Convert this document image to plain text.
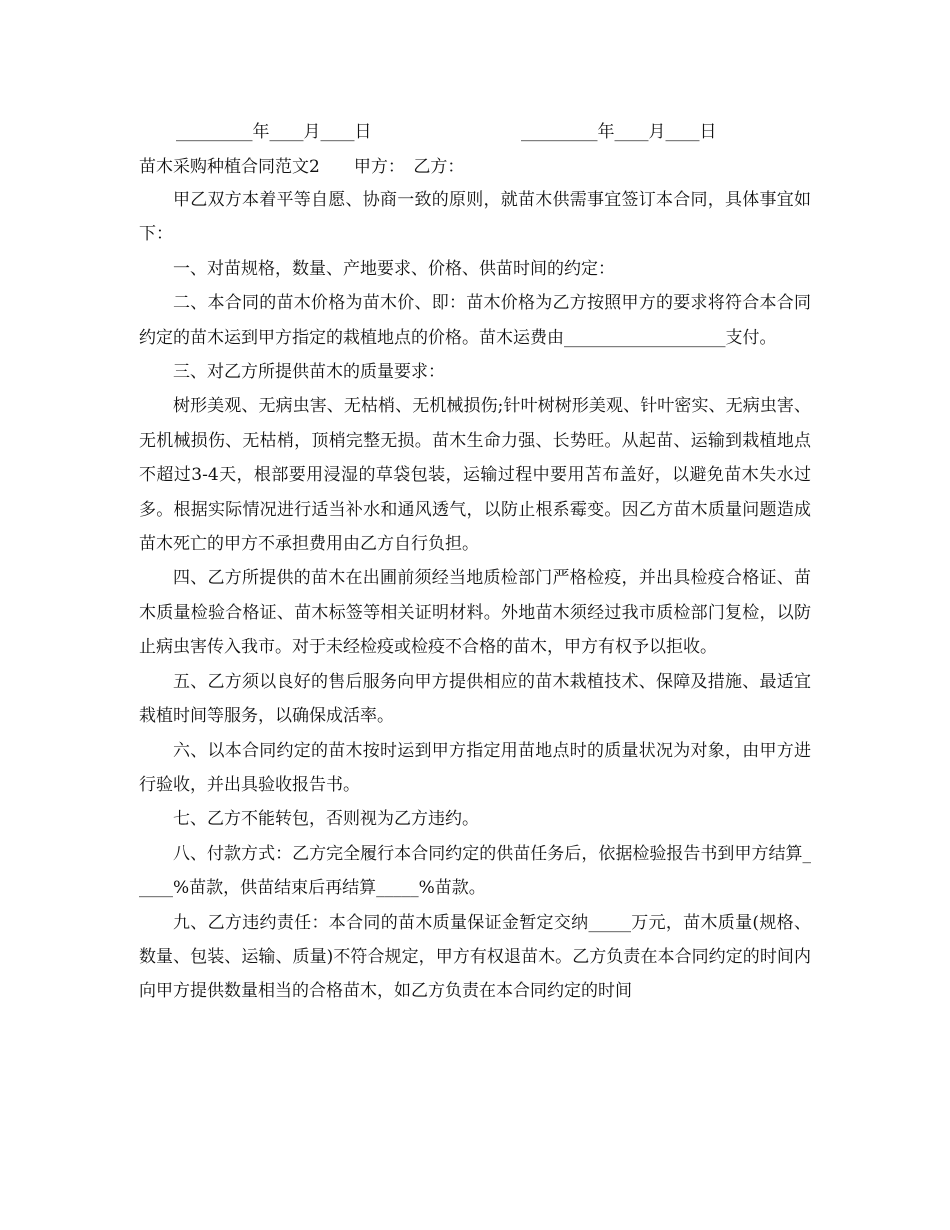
_________年____月____日	_________年____月____日
苗木采购种植合同范文2　　甲方：　乙方：

甲乙双方本着平等自愿、协商一致的原则，就苗木供需事宜签订本合同，具体事宜如下：

一、对苗规格，数量、产地要求、价格、供苗时间的约定：

二、本合同的苗木价格为苗木价、即：苗木价格为乙方按照甲方的要求将符合本合同约定的苗木运到甲方指定的栽植地点的价格。苗木运费由___________________支付。

三、对乙方所提供苗木的质量要求：

树形美观、无病虫害、无枯梢、无机械损伤;针叶树树形美观、针叶密实、无病虫害、无机械损伤、无枯梢，顶梢完整无损。苗木生命力强、长势旺。从起苗、运输到栽植地点不超过3-4天，根部要用浸湿的草袋包装，运输过程中要用苫布盖好，以避免苗木失水过多。根据实际情况进行适当补水和通风透气，以防止根系霉变。因乙方苗木质量问题造成苗木死亡的甲方不承担费用由乙方自行负担。

四、乙方所提供的苗木在出圃前须经当地质检部门严格检疫，并出具检疫合格证、苗木质量检验合格证、苗木标签等相关证明材料。外地苗木须经过我市质检部门复检，以防止病虫害传入我市。对于未经检疫或检疫不合格的苗木，甲方有权予以拒收。

五、乙方须以良好的售后服务向甲方提供相应的苗木栽植技术、保障及措施、最适宜栽植时间等服务，以确保成活率。

六、以本合同约定的苗木按时运到甲方指定用苗地点时的质量状况为对象，由甲方进行验收，并出具验收报告书。

七、乙方不能转包，否则视为乙方违约。

八、付款方式：乙方完全履行本合同约定的供苗任务后，依据检验报告书到甲方结算_____%苗款，供苗结束后再结算_____%苗款。

九、乙方违约责任：本合同的苗木质量保证金暂定交纳_____万元，苗木质量(规格、数量、包装、运输、质量)不符合规定，甲方有权退苗木。乙方负责在本合同约定的时间内向甲方提供数量相当的合格苗木，如乙方负责在本合同约定的时间
